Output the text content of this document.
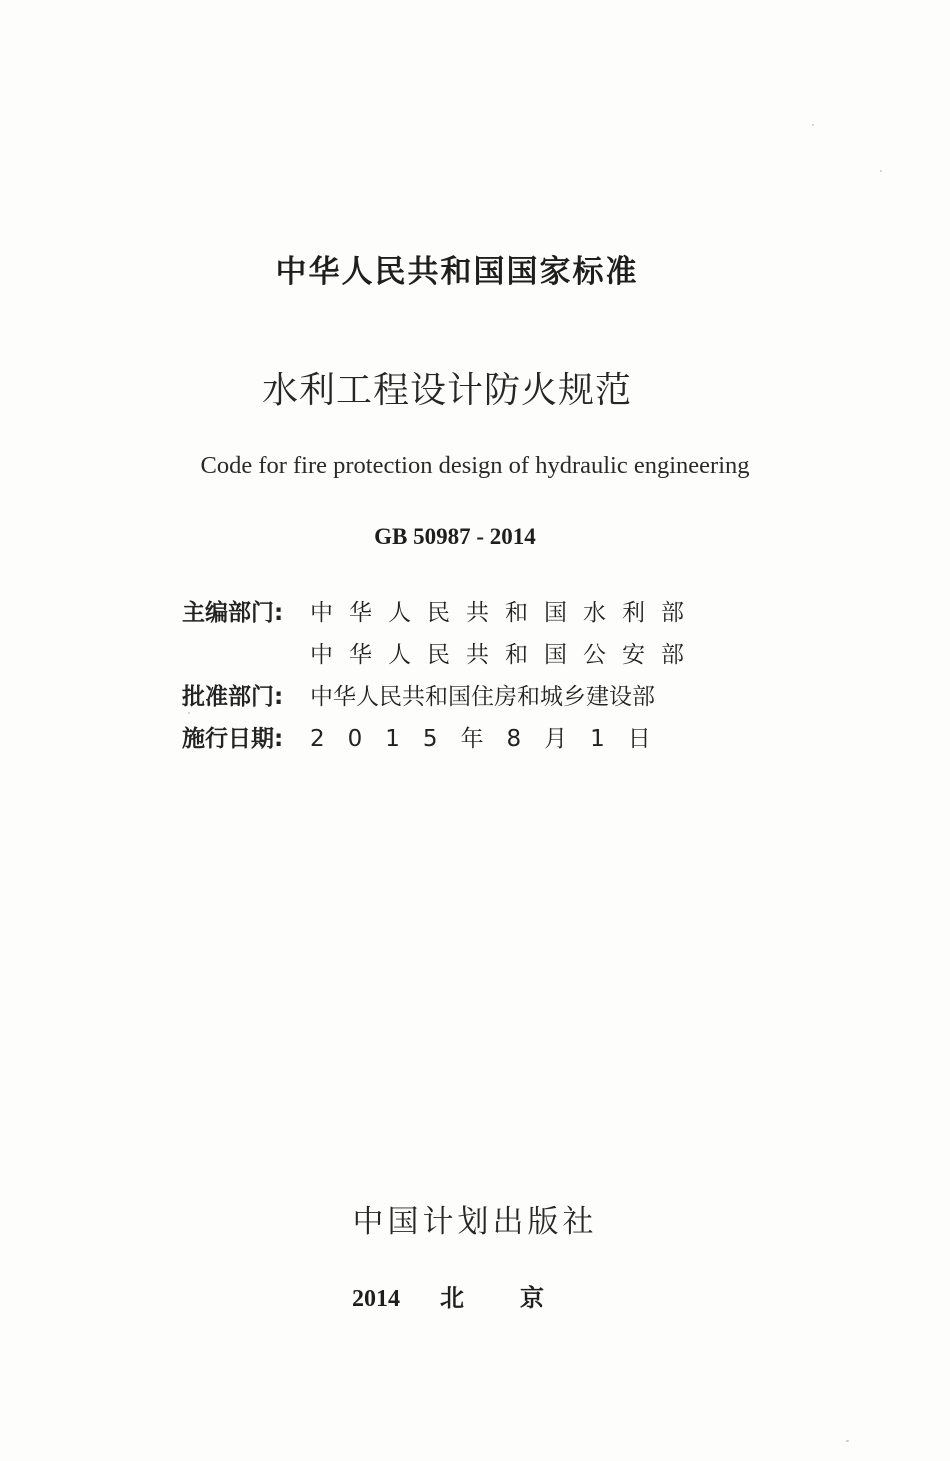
中华人民共和国国家标准
水利工程设计防火规范
Code for fire protection design of hydraulic engineering
GB 50987 - 2014
主编部门: 中华人民共和国水利部
中华人民共和国公安部
批准部门: 中华人民共和国住房和城乡建设部
施行日期: 2015年8月1日
中国计划出版社
2014 北京
